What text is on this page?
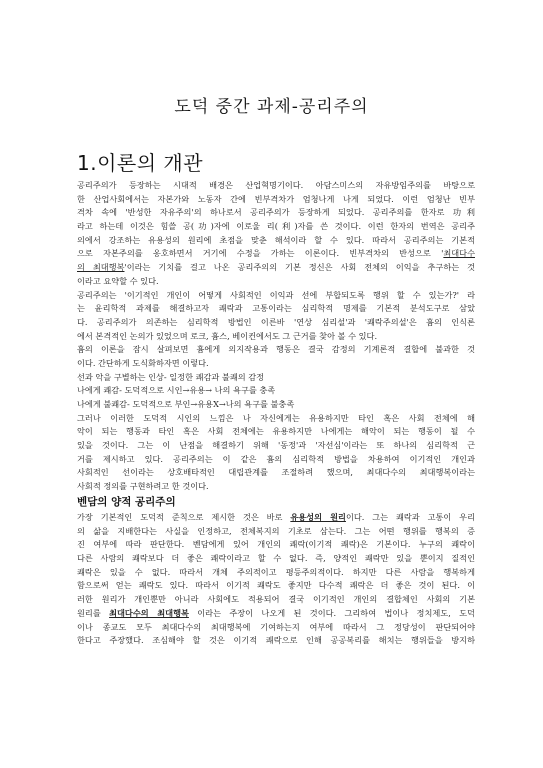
도덕 중간 과제-공리주의
1.이론의 개관
공리주의가 등장하는 시대적 배경은 산업혁명기이다. 아담스미스의 자유방임주의를 바탕으로
한 산업사회에서는 자본가와 노동자 간에 빈부격차가 엄청나게 나게 되었다. 이런 엄청난 빈부
격차 속에 '반성한 자유주의'의 하나로서 공리주의가 등장하게 되었다. 공리주의를 한자로 功利
라고 하는데 이것은 힘쓸 공(功)자에 이로울 리(利)자를 쓴 것이다. 이런 한자의 번역은 공리주
의에서 강조하는 유용성의 원리에 초점을 맞춘 해석이라 할 수 있다. 따라서 공리주의는 기본적
으로 자본주의를 옹호하면서 거기에 수정을 가하는 이론이다. 빈부격차의 반성으로 '최대다수
의 최대행복'이라는 기치를 걸고 나온 공리주의의 기본 정신은 사회 전체의 이익을 추구하는 것
이라고 요약할 수 있다.
공리주의는 '이기적인 개인이 어떻게 사회적인 이익과 선에 부합되도록 행위 할 수 있는가?' 라
는 윤리학적 과제를 해결하고자 쾌락과 고통이라는 심리학적 명제를 기본적 분석도구로 삼았
다. 공리주의가 의존하는 심리학적 방법인 이른바 '연상 심리설'과 '쾌락주의설'은 흄의 인식론
에서 본격적인 논의가 있었으며 로크, 흄스, 베이컨에서도 그 근거를 찾아 볼 수 있다.
흄의 이론을 잠시 살펴보면 흄에게 의지작용과 행동은 결국 감정의 기계론적 결합에 불과한 것
이다. 간단하게 도식화하자면 이렇다.
선과 악을 구별하는 인상- 일정한 쾌감과 불쾌의 감정
나에게 쾌감- 도덕적으로 시인→유용→ 나의 욕구를 충족
나에게 불쾌감- 도덕적으로 부인→유용X→나의 욕구를 불충족
그러나 이러한 도덕적 시인의 느낌은 나 자신에게는 유용하지만 타인 혹은 사회 전체에 해
악이 되는 행동과 타인 혹은 사회 전체에는 유용하지만 나에게는 해악이 되는 행동이 될 수
있을 것이다. 그는 이 난점을 해결하기 위해 '동정'과 '자선심'이라는 또 하나의 심리학적 근
거를 제시하고 있다. 공리주의는 이 같은 흄의 심리학적 방법을 차용하여 이기적인 개인과
사회적인 선이라는 상호배타적인 대립관계를 조절하려 했으며, 최대다수의 최대행복이라는
사회적 정의를 구현하려고 한 것이다.
벤담의 양적 공리주의
가장 기본적인 도덕적 준칙으로 제시한 것은 바로 유용성의 원리이다. 그는 쾌락과 고통이 우리
의 삶을 지배한다는 사실을 인정하고, 전체복지의 기초로 삼는다. 그는 어떤 행위를 행복의 증
진 여부에 따라 판단한다. 벤담에게 있어 개인의 쾌락(이기적 쾌락)은 기본이다. 누구의 쾌락이
다른 사람의 쾌락보다 더 좋은 쾌락이라고 할 수 없다. 즉, 양적인 쾌락만 있을 뿐이지 질적인
쾌락은 있을 수 없다. 따라서 개체 주의적이고 평등주의적이다. 하지만 다른 사람을 행복하게
함으로써 얻는 쾌락도 있다. 따라서 이기적 쾌락도 좋지만 다수적 쾌락은 더 좋은 것이 된다. 이
러한 원리가 개인뿐만 아니라 사회에도 적용되어 결국 이기적인 개인의 결합체인 사회의 기본
원리를 최대다수의 최대행복 이라는 주장이 나오게 된 것이다. 그리하여 법이나 정치제도, 도덕
이나 종교도 모두 최대다수의 최대행복에 기여하는지 여부에 따라서 그 정당성이 판단되어야
한다고 주장했다. 조심해야 할 것은 이기적 쾌락으로 인해 공공복리를 해치는 행위들을 방지하
